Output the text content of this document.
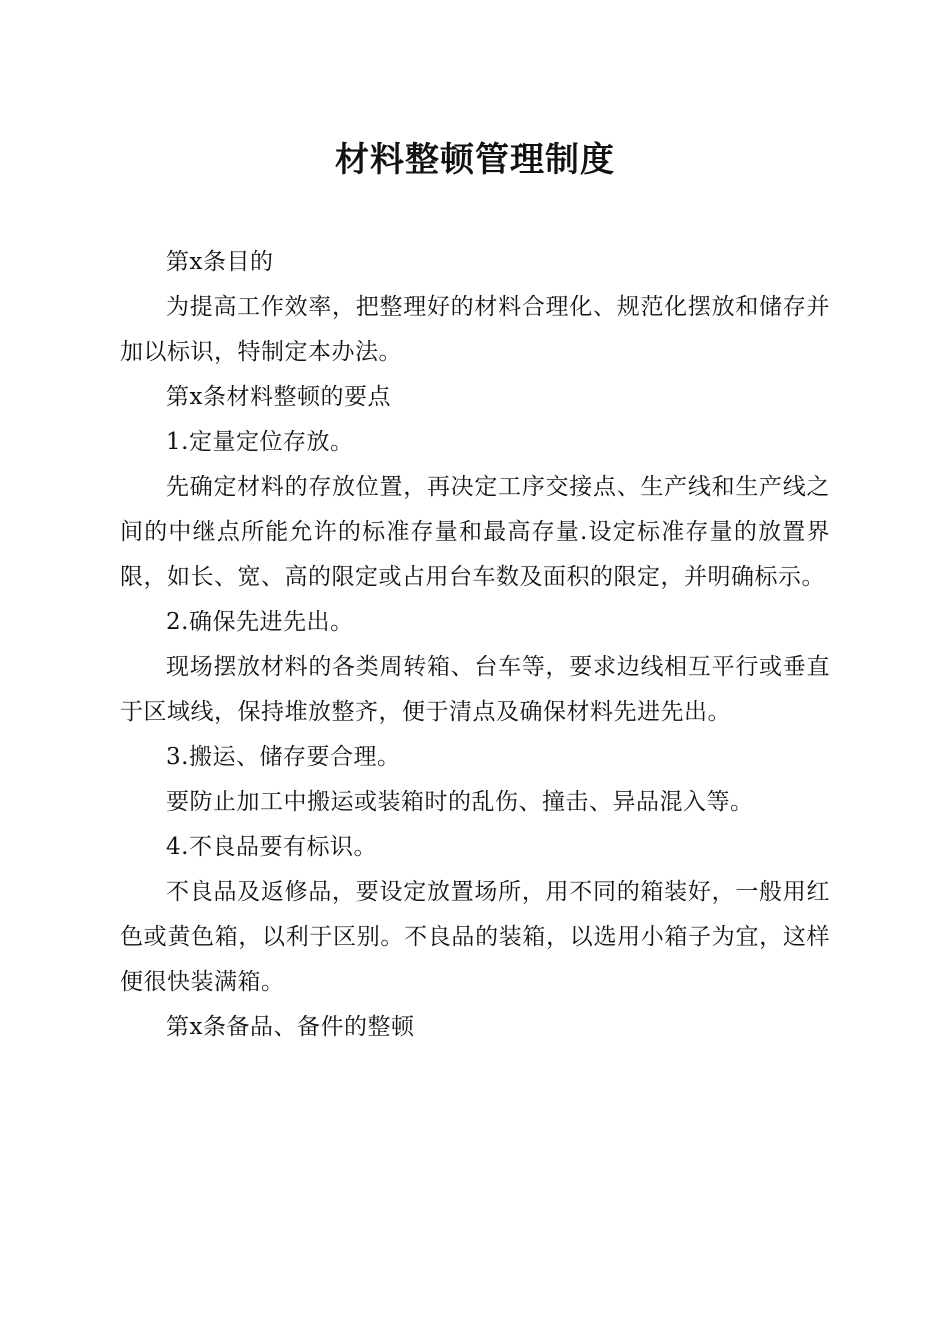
材料整顿管理制度

第x条目的

为提高工作效率，把整理好的材料合理化、规范化摆放和储存并加以标识，特制定本办法。

第x条材料整顿的要点

1.定量定位存放。

先确定材料的存放位置，再决定工序交接点、生产线和生产线之间的中继点所能允许的标准存量和最高存量.设定标准存量的放置界限，如长、宽、高的限定或占用台车数及面积的限定，并明确标示。

2.确保先进先出。

现场摆放材料的各类周转箱、台车等，要求边线相互平行或垂直于区域线，保持堆放整齐，便于清点及确保材料先进先出。

3.搬运、储存要合理。

要防止加工中搬运或装箱时的乱伤、撞击、异品混入等。

4.不良品要有标识。

不良品及返修品，要设定放置场所，用不同的箱装好，一般用红色或黄色箱，以利于区别。不良品的装箱，以选用小箱子为宜，这样便很快装满箱。

第x条备品、备件的整顿
